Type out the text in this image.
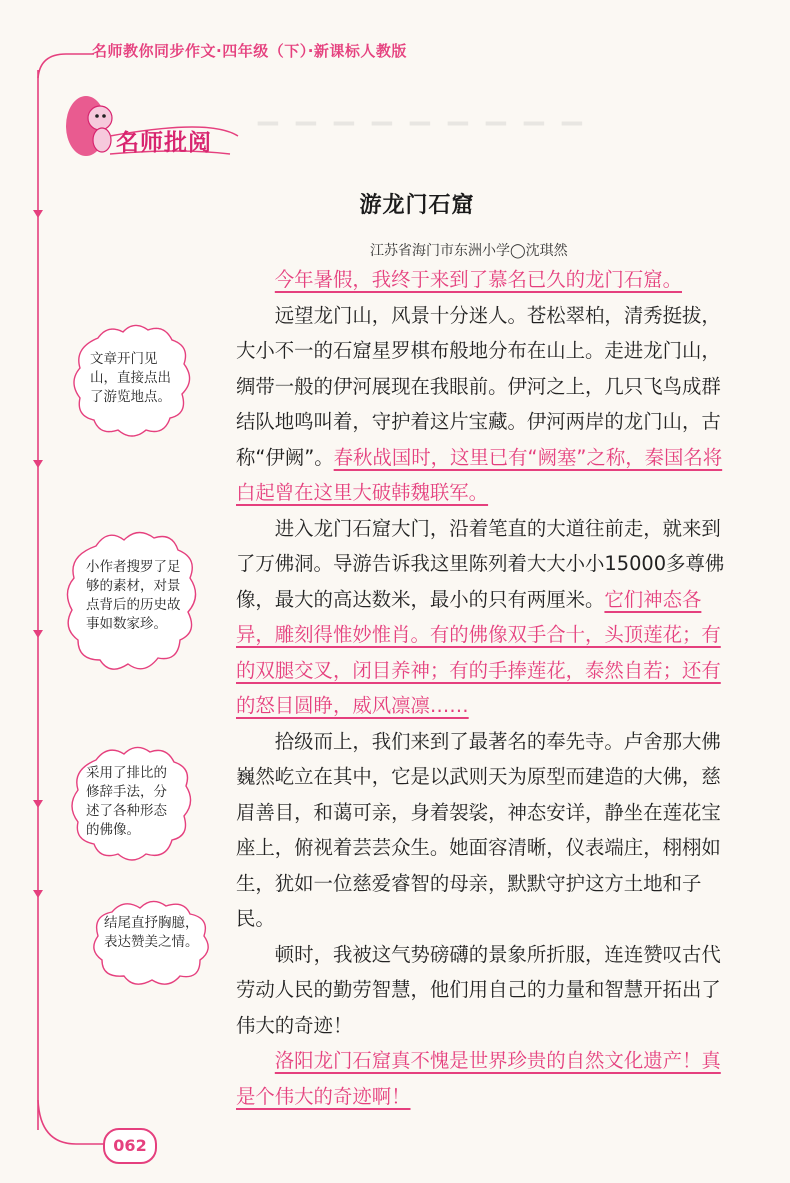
▁▁▁▁▁▁▁▁▁
名师教你同步作文·四年级（下）·新课标人教版
名师批阅
游龙门石窟
江苏省海门市东洲小学◯沈琪然

今年暑假，我终于来到了慕名已久的龙门石窟。

远望龙门山，风景十分迷人。苍松翠柏，清秀挺拔，大小不一的石窟星罗棋布般地分布在山上。走进龙门山，绸带一般的伊河展现在我眼前。伊河之上，几只飞鸟成群结队地鸣叫着，守护着这片宝藏。伊河两岸的龙门山，古称“伊阙”。春秋战国时，这里已有“阙塞”之称，秦国名将白起曾在这里大破韩魏联军。

进入龙门石窟大门，沿着笔直的大道往前走，就来到了万佛洞。导游告诉我这里陈列着大大小小15000多尊佛像，最大的高达数米，最小的只有两厘米。它们神态各异，雕刻得惟妙惟肖。有的佛像双手合十，头顶莲花；有的双腿交叉，闭目养神；有的手捧莲花，泰然自若；还有的怒目圆睁，威风凛凛……

拾级而上，我们来到了最著名的奉先寺。卢舍那大佛巍然屹立在其中，它是以武则天为原型而建造的大佛，慈眉善目，和蔼可亲，身着袈裟，神态安详，静坐在莲花宝座上，俯视着芸芸众生。她面容清晰，仪表端庄，栩栩如生，犹如一位慈爱睿智的母亲，默默守护这方土地和子民。

顿时，我被这气势磅礴的景象所折服，连连赞叹古代劳动人民的勤劳智慧，他们用自己的力量和智慧开拓出了伟大的奇迹！

洛阳龙门石窟真不愧是世界珍贵的自然文化遗产！真是个伟大的奇迹啊！

文章开门见山，直接点出了游览地点。
小作者搜罗了足够的素材，对景点背后的历史故事如数家珍。
采用了排比的修辞手法，分述了各种形态的佛像。
结尾直抒胸臆，表达赞美之情。
062
